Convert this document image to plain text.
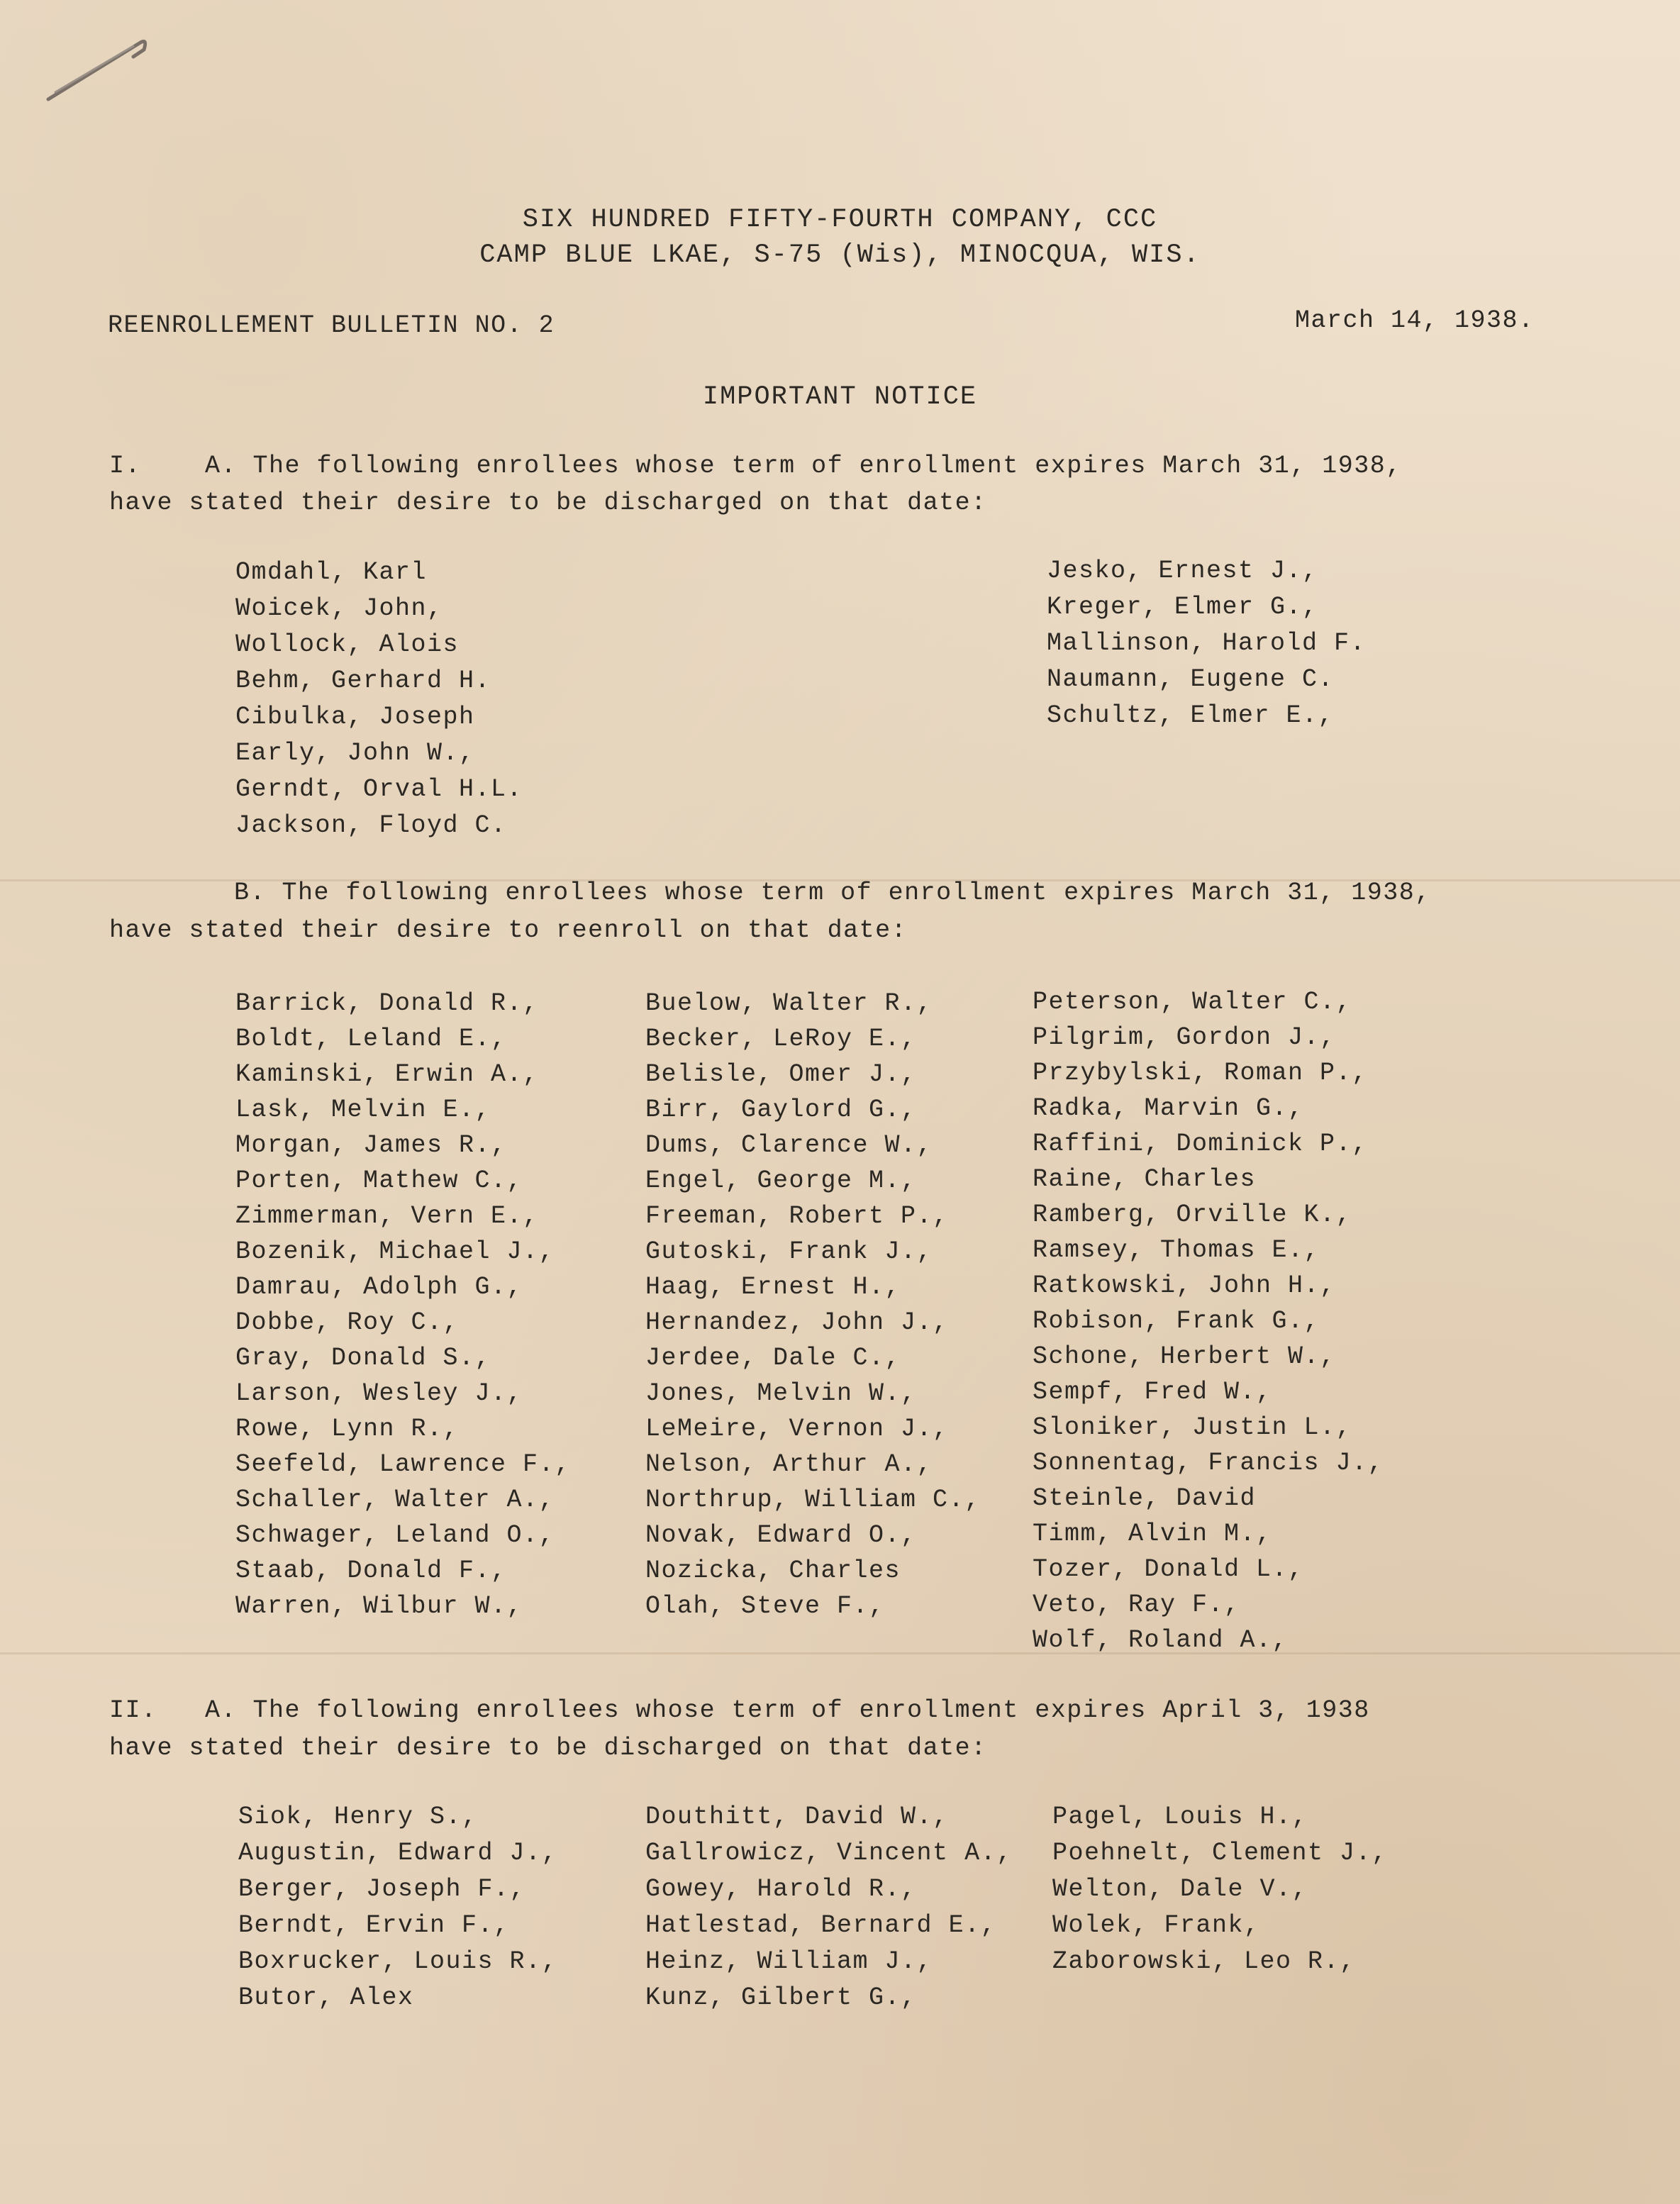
SIX HUNDRED FIFTY-FOURTH COMPANY, CCC
CAMP BLUE LKAE, S-75 (Wis), MINOCQUA, WIS.
REENROLLEMENT BULLETIN NO. 2	March 14, 1938.
IMPORTANT NOTICE
I.    A. The following enrollees whose term of enrollment expires March 31, 1938,
have stated their desire to be discharged on that date:
Omdahl, Karl
Woicek, John,
Wollock, Alois
Behm, Gerhard H.
Cibulka, Joseph
Early, John W.,
Gerndt, Orval H.L.
Jackson, Floyd C.
Jesko, Ernest J.,
Kreger, Elmer G.,
Mallinson, Harold F.
Naumann, Eugene C.
Schultz, Elmer E.,
B. The following enrollees whose term of enrollment expires March 31, 1938,
have stated their desire to reenroll on that date:
Barrick, Donald R.,
Boldt, Leland E.,
Kaminski, Erwin A.,
Lask, Melvin E.,
Morgan, James R.,
Porten, Mathew C.,
Zimmerman, Vern E.,
Bozenik, Michael J.,
Damrau, Adolph G.,
Dobbe, Roy C.,
Gray, Donald S.,
Larson, Wesley J.,
Rowe, Lynn R.,
Seefeld, Lawrence F.,
Schaller, Walter A.,
Schwager, Leland O.,
Staab, Donald F.,
Warren, Wilbur W.,
Buelow, Walter R.,
Becker, LeRoy E.,
Belisle, Omer J.,
Birr, Gaylord G.,
Dums, Clarence W.,
Engel, George M.,
Freeman, Robert P.,
Gutoski, Frank J.,
Haag, Ernest H.,
Hernandez, John J.,
Jerdee, Dale C.,
Jones, Melvin W.,
LeMeire, Vernon J.,
Nelson, Arthur A.,
Northrup, William C.,
Novak, Edward O.,
Nozicka, Charles
Olah, Steve F.,
Peterson, Walter C.,
Pilgrim, Gordon J.,
Przybylski, Roman P.,
Radka, Marvin G.,
Raffini, Dominick P.,
Raine, Charles
Ramberg, Orville K.,
Ramsey, Thomas E.,
Ratkowski, John H.,
Robison, Frank G.,
Schone, Herbert W.,
Sempf, Fred W.,
Sloniker, Justin L.,
Sonnentag, Francis J.,
Steinle, David
Timm, Alvin M.,
Tozer, Donald L.,
Veto, Ray F.,
Wolf, Roland A.,
II.   A. The following enrollees whose term of enrollment expires April 3, 1938
have stated their desire to be discharged on that date:
Siok, Henry S.,
Augustin, Edward J.,
Berger, Joseph F.,
Berndt, Ervin F.,
Boxrucker, Louis R.,
Butor, Alex
Douthitt, David W.,
Gallrowicz, Vincent A.,
Gowey, Harold R.,
Hatlestad, Bernard E.,
Heinz, William J.,
Kunz, Gilbert G.,
Pagel, Louis H.,
Poehnelt, Clement J.,
Welton, Dale V.,
Wolek, Frank,
Zaborowski, Leo R.,
